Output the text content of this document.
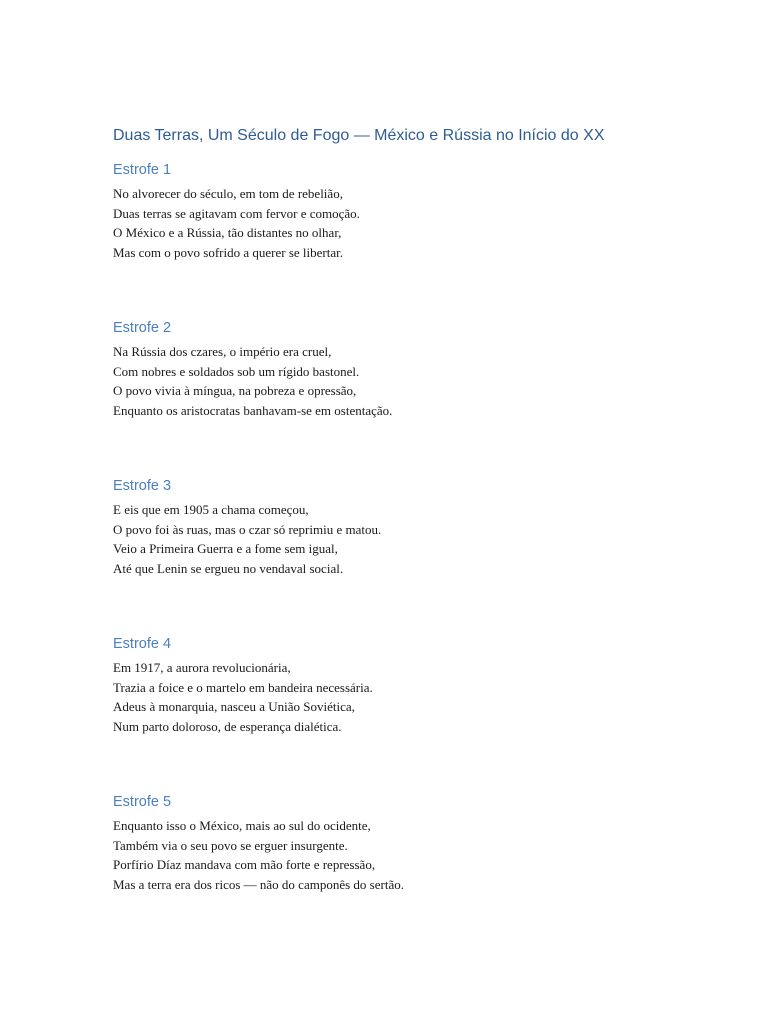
Duas Terras, Um Século de Fogo — México e Rússia no Início do XX
Estrofe 1

No alvorecer do século, em tom de rebelião,

Duas terras se agitavam com fervor e comoção.

O México e a Rússia, tão distantes no olhar,

Mas com o povo sofrido a querer se libertar.

Estrofe 2

Na Rússia dos czares, o império era cruel,

Com nobres e soldados sob um rígido bastonel.

O povo vivia à míngua, na pobreza e opressão,

Enquanto os aristocratas banhavam-se em ostentação.

Estrofe 3

E eis que em 1905 a chama começou,

O povo foi às ruas, mas o czar só reprimiu e matou.

Veio a Primeira Guerra e a fome sem igual,

Até que Lenin se ergueu no vendaval social.

Estrofe 4

Em 1917, a aurora revolucionária,

Trazia a foice e o martelo em bandeira necessária.

Adeus à monarquia, nasceu a União Soviética,

Num parto doloroso, de esperança dialética.

Estrofe 5

Enquanto isso o México, mais ao sul do ocidente,

Também via o seu povo se erguer insurgente.

Porfírio Díaz mandava com mão forte e repressão,

Mas a terra era dos ricos — não do camponês do sertão.
